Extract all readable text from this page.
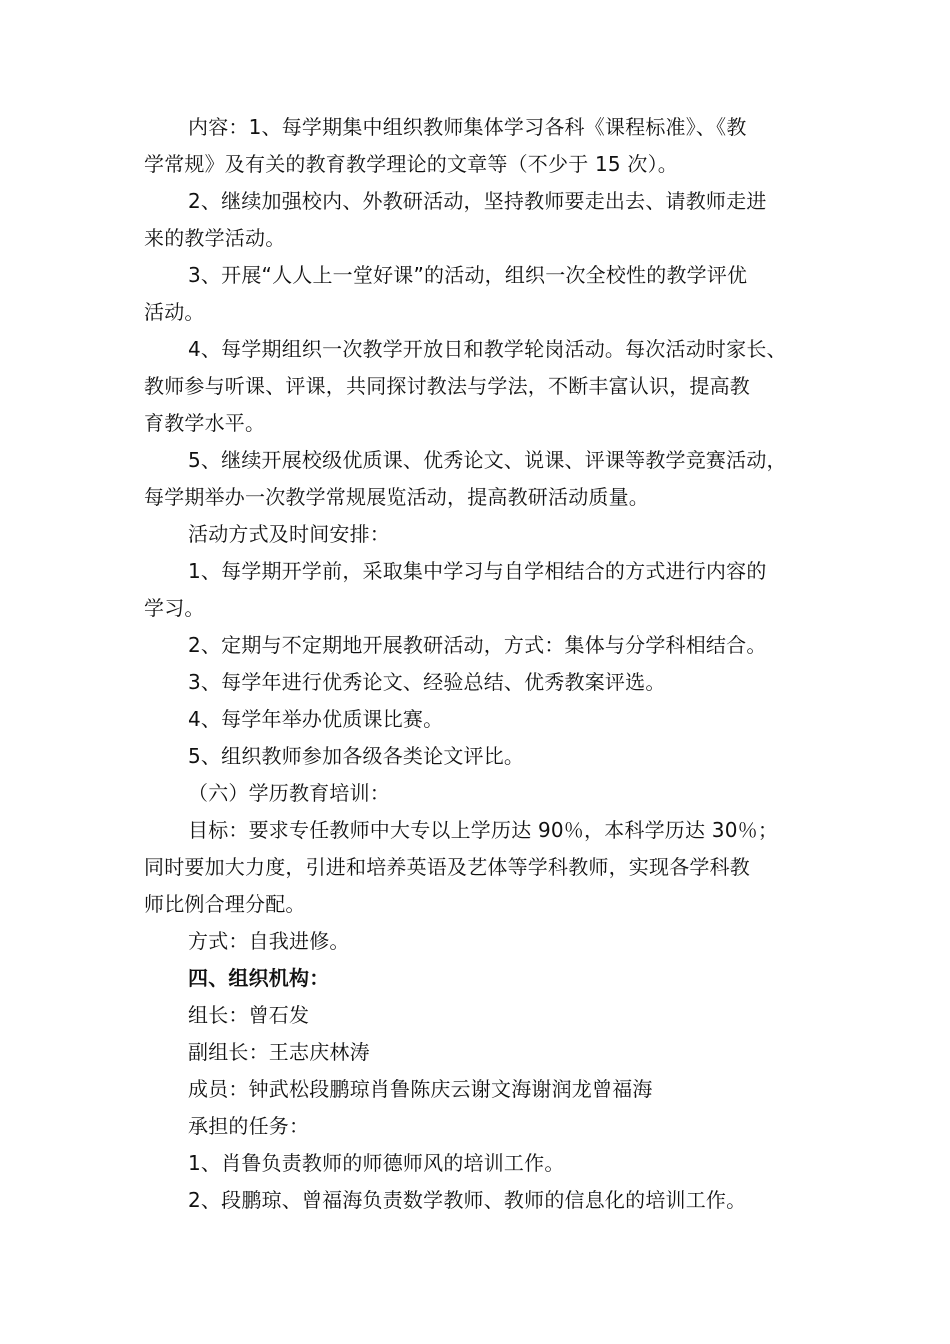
内容：1、每学期集中组织教师集体学习各科《课程标准》、《教
学常规》及有关的教育教学理论的文章等（不少于 15 次）。
2、继续加强校内、外教研活动，坚持教师要走出去、请教师走进
来的教学活动。
3、开展“人人上一堂好课”的活动，组织一次全校性的教学评优
活动。
4、每学期组织一次教学开放日和教学轮岗活动。每次活动时家长、
教师参与听课、评课，共同探讨教法与学法，不断丰富认识，提高教
育教学水平。
5、继续开展校级优质课、优秀论文、说课、评课等教学竞赛活动，
每学期举办一次教学常规展览活动，提高教研活动质量。
活动方式及时间安排：
1、每学期开学前，采取集中学习与自学相结合的方式进行内容的
学习。
2、定期与不定期地开展教研活动，方式：集体与分学科相结合。
3、每学年进行优秀论文、经验总结、优秀教案评选。
4、每学年举办优质课比赛。
5、组织教师参加各级各类论文评比。
（六）学历教育培训：
目标：要求专任教师中大专以上学历达 90％，本科学历达 30％；
同时要加大力度，引进和培养英语及艺体等学科教师，实现各学科教
师比例合理分配。
方式：自我进修。
四、组织机构：
组长：曾石发
副组长：王志庆林涛
成员：钟武松段鹏琼肖鲁陈庆云谢文海谢润龙曾福海
承担的任务：
1、肖鲁负责教师的师德师风的培训工作。
2、段鹏琼、曾福海负责数学教师、教师的信息化的培训工作。
